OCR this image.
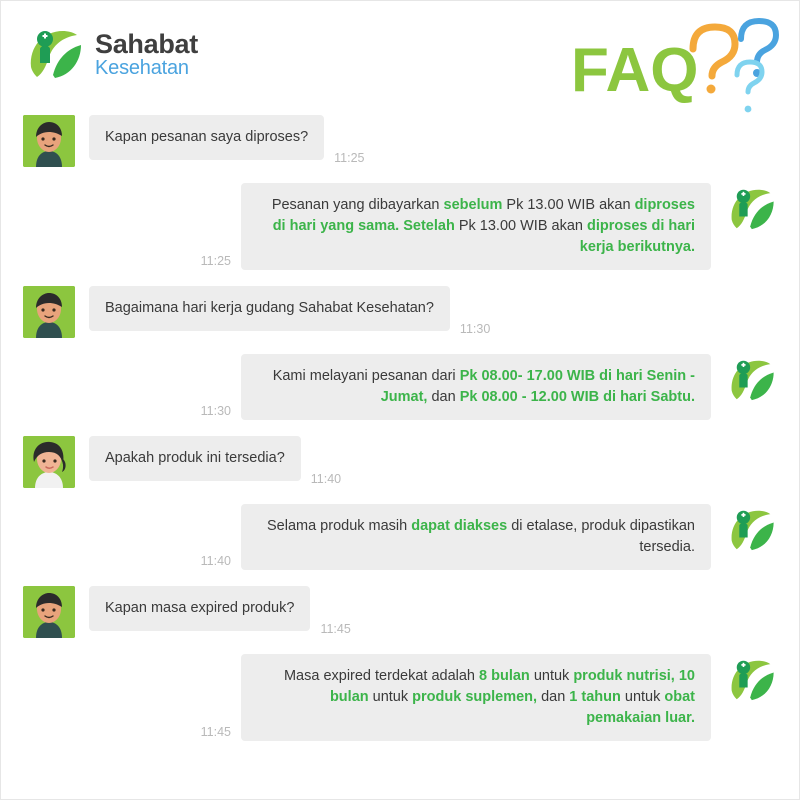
Sahabat
Kesehatan	FAQ
Kapan pesanan saya diproses?
11:25
11:25
Pesanan yang dibayarkan sebelum Pk 13.00 WIB akan diproses di hari yang sama. Setelah Pk 13.00 WIB akan diproses di hari kerja berikutnya.
Bagaimana hari kerja gudang Sahabat Kesehatan?
11:30
11:30
Kami melayani pesanan dari Pk 08.00- 17.00 WIB di hari Senin - Jumat, dan Pk 08.00 - 12.00 WIB di hari Sabtu.
Apakah produk ini tersedia?
11:40
11:40
Selama produk masih dapat diakses di etalase, produk dipastikan tersedia.
Kapan masa expired produk?
11:45
11:45
Masa expired terdekat adalah 8 bulan untuk produk nutrisi, 10 bulan untuk produk suplemen, dan 1 tahun untuk obat pemakaian luar.
